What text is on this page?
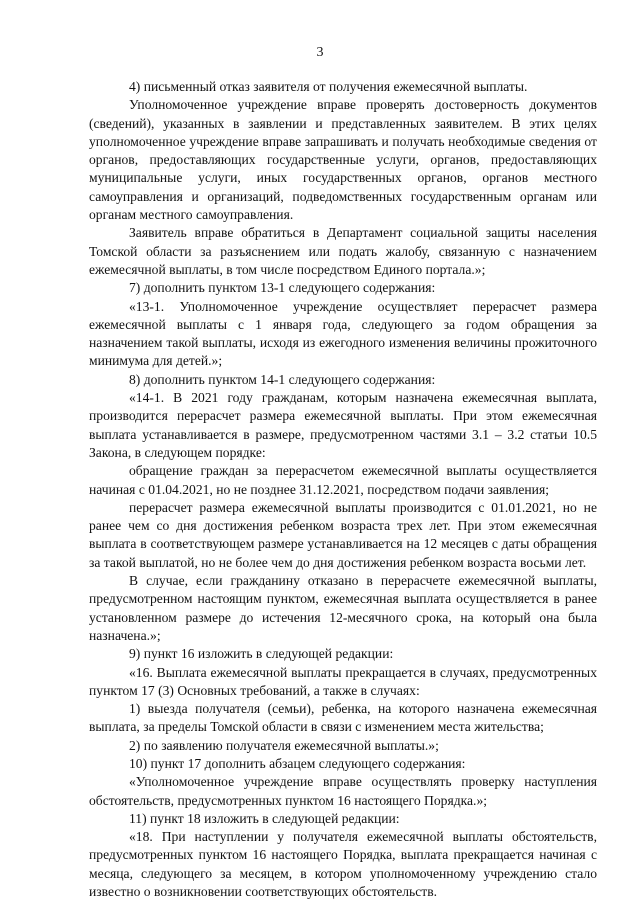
3

4) письменный отказ заявителя от получения ежемесячной выплаты.

Уполномоченное учреждение вправе проверять достоверность документов (сведений), указанных в заявлении и представленных заявителем. В этих целях уполномоченное учреждение вправе запрашивать и получать необходимые сведения от органов, предоставляющих государственные услуги, органов, предоставляющих муниципальные услуги, иных государственных органов, органов местного самоуправления и организаций, подведомственных государственным органам или органам местного самоуправления.

Заявитель вправе обратиться в Департамент социальной защиты населения Томской области за разъяснением или подать жалобу, связанную с назначением ежемесячной выплаты, в том числе посредством Единого портала.»;

7) дополнить пунктом 13-1 следующего содержания:

«13-1. Уполномоченное учреждение осуществляет перерасчет размера ежемесячной выплаты с 1 января года, следующего за годом обращения за назначением такой выплаты, исходя из ежегодного изменения величины прожиточного минимума для детей.»;

8) дополнить пунктом 14-1 следующего содержания:

«14-1. В 2021 году гражданам, которым назначена ежемесячная выплата, производится перерасчет размера ежемесячной выплаты. При этом ежемесячная выплата устанавливается в размере, предусмотренном частями 3.1 – 3.2 статьи 10.5 Закона, в следующем порядке:

обращение граждан за перерасчетом ежемесячной выплаты осуществляется начиная с 01.04.2021, но не позднее 31.12.2021, посредством подачи заявления;

перерасчет размера ежемесячной выплаты производится с 01.01.2021, но не ранее чем со дня достижения ребенком возраста трех лет. При этом ежемесячная выплата в соответствующем размере устанавливается на 12 месяцев с даты обращения за такой выплатой, но не более чем до дня достижения ребенком возраста восьми лет.

В случае, если гражданину отказано в перерасчете ежемесячной выплаты, предусмотренном настоящим пунктом, ежемесячная выплата осуществляется в ранее установленном размере до истечения 12-месячного срока, на который она была назначена.»;

9) пункт 16 изложить в следующей редакции:

«16. Выплата ежемесячной выплаты прекращается в случаях, предусмотренных пунктом 17 (3) Основных требований, а также в случаях:

1) выезда получателя (семьи), ребенка, на которого назначена ежемесячная выплата, за пределы Томской области в связи с изменением места жительства;

2) по заявлению получателя ежемесячной выплаты.»;

10) пункт 17 дополнить абзацем следующего содержания:

«Уполномоченное учреждение вправе осуществлять проверку наступления обстоятельств, предусмотренных пунктом 16 настоящего Порядка.»;

11) пункт 18 изложить в следующей редакции:

«18. При наступлении у получателя ежемесячной выплаты обстоятельств, предусмотренных пунктом 16 настоящего Порядка, выплата прекращается начиная с месяца, следующего за месяцем, в котором уполномоченному учреждению стало известно о возникновении соответствующих обстоятельств.
